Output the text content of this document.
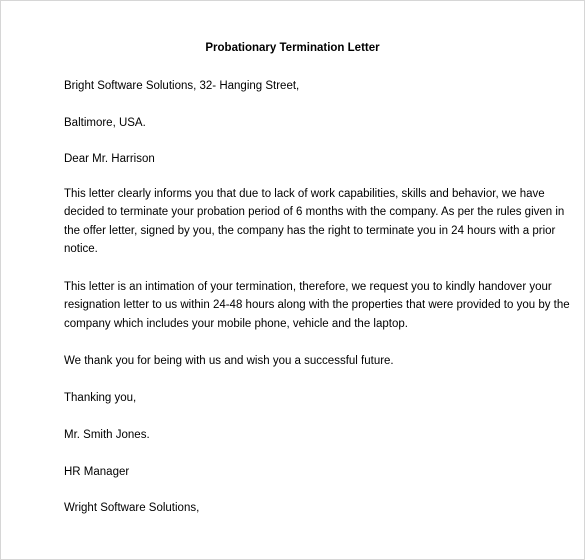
Probationary Termination Letter
Bright Software Solutions, 32- Hanging Street,
Baltimore, USA.
Dear Mr. Harrison
This letter clearly informs you that due to lack of work capabilities, skills and behavior, we have
decided to terminate your probation period of 6 months with the company. As per the rules given in
the offer letter, signed by you, the company has the right to terminate you in 24 hours with a prior
notice.
This letter is an intimation of your termination, therefore, we request you to kindly handover your
resignation letter to us within 24-48 hours along with the properties that were provided to you by the
company which includes your mobile phone, vehicle and the laptop.
We thank you for being with us and wish you a successful future.
Thanking you,
Mr. Smith Jones.
HR Manager
Wright Software Solutions,
